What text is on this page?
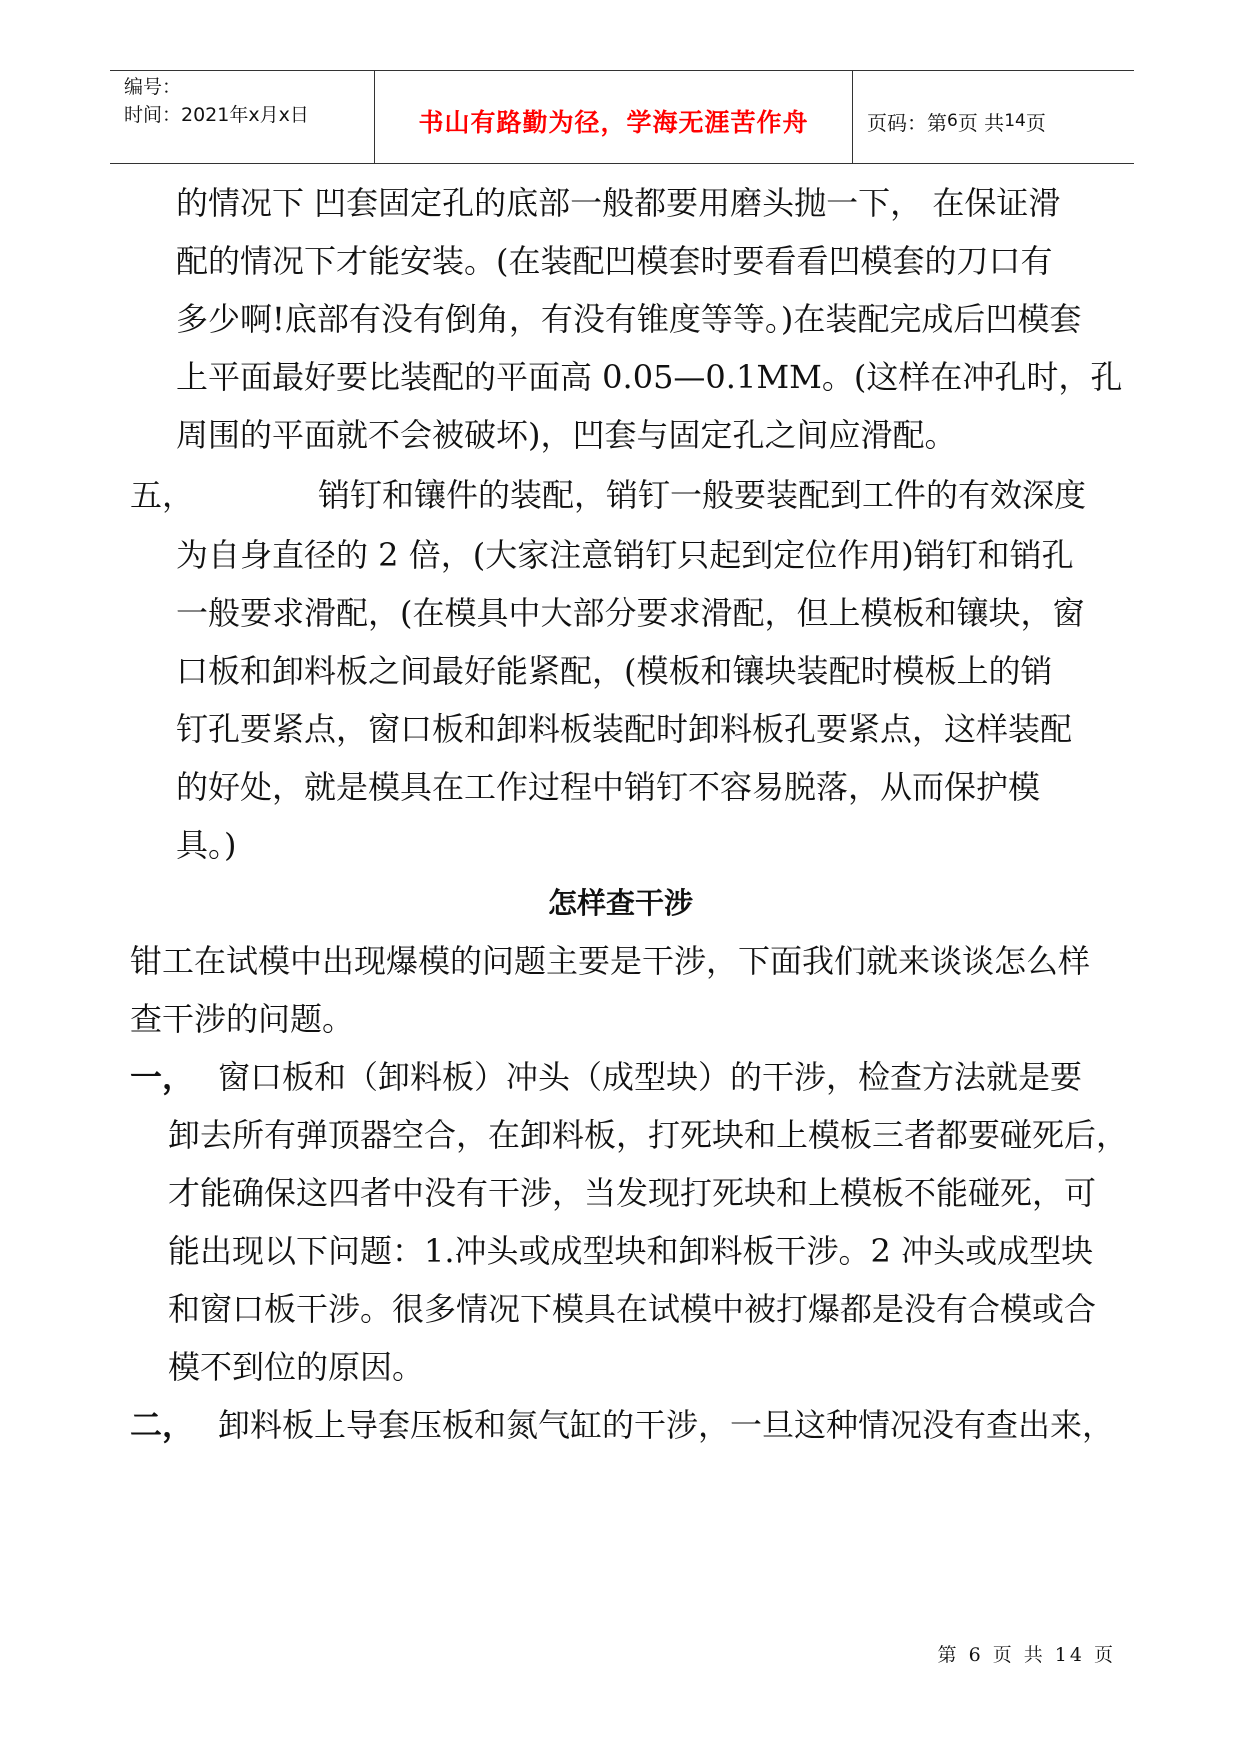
编号：
时间：2021年x月x日	书山有路勤为径，学海无涯苦作舟	页码：第 6 页 共 14 页
的情况下 凹套固定孔的底部一般都要用磨头抛一下， 在保证滑
配的情况下才能安装。(在装配凹模套时要看看凹模套的刀口有
多少啊!底部有没有倒角，有没有锥度等等。)在装配完成后凹模套
上平面最好要比装配的平面高 0.05—0.1MM。(这样在冲孔时，孔
周围的平面就不会被破坏)，凹套与固定孔之间应滑配。
五，	销钉和镶件的装配，销钉一般要装配到工件的有效深度
为自身直径的 2 倍，(大家注意销钉只起到定位作用)销钉和销孔
一般要求滑配，(在模具中大部分要求滑配，但上模板和镶块，窗
口板和卸料板之间最好能紧配，(模板和镶块装配时模板上的销
钉孔要紧点，窗口板和卸料板装配时卸料板孔要紧点，这样装配
的好处，就是模具在工作过程中销钉不容易脱落，从而保护模
具。)
怎样查干涉
钳工在试模中出现爆模的问题主要是干涉，下面我们就来谈谈怎么样
查干涉的问题。
一， 窗口板和（卸料板）冲头（成型块）的干涉，检查方法就是要
卸去所有弹顶器空合，在卸料板，打死块和上模板三者都要碰死后，
才能确保这四者中没有干涉，当发现打死块和上模板不能碰死，可
能出现以下问题：1.冲头或成型块和卸料板干涉。2 冲头或成型块
和窗口板干涉。很多情况下模具在试模中被打爆都是没有合模或合
模不到位的原因。
二， 卸料板上导套压板和氮气缸的干涉，一旦这种情况没有查出来，
第 6 页 共 14 页
